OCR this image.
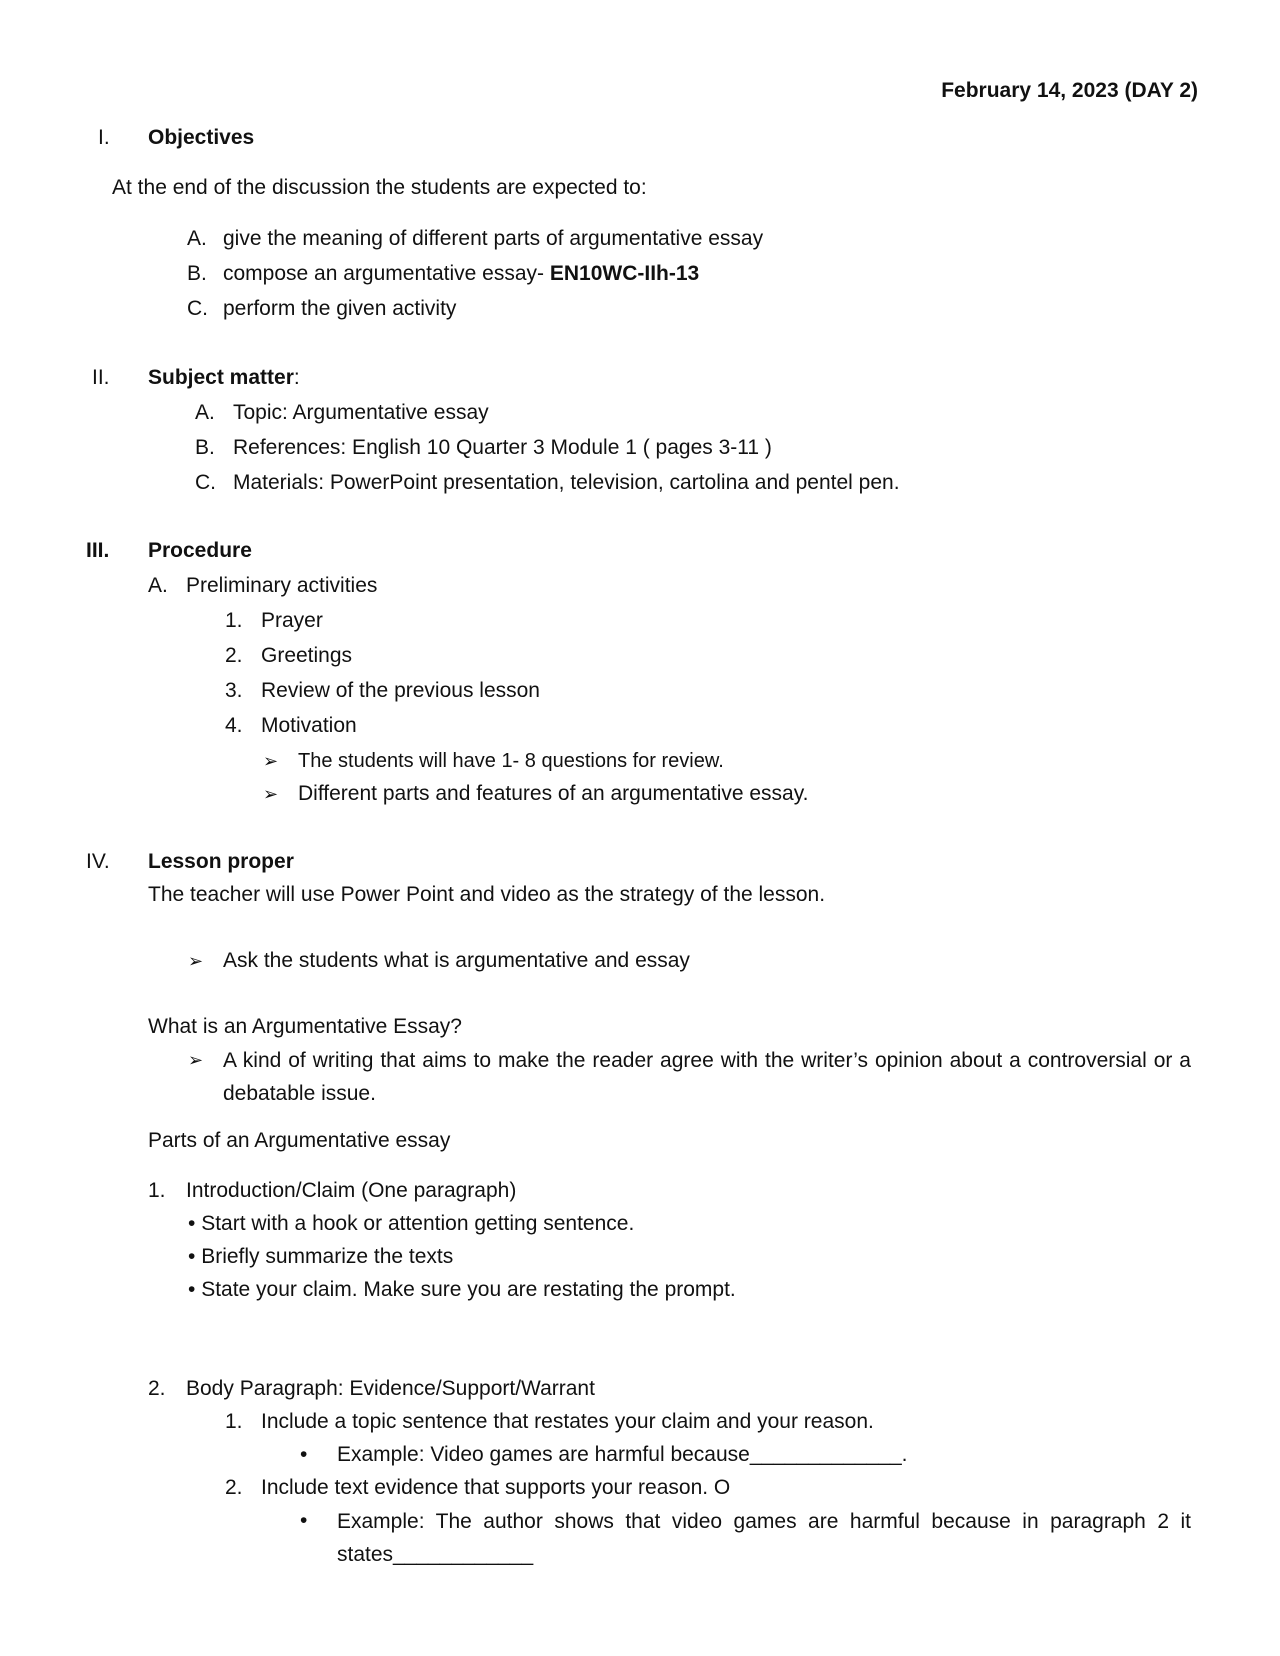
February 14, 2023 (DAY 2)
I. Objectives
At the end of the discussion the students are expected to:
A. give the meaning of different parts of argumentative essay
B. compose an argumentative essay- EN10WC-IIh-13
C. perform the given activity
II. Subject matter:
A. Topic: Argumentative essay
B. References: English 10 Quarter 3 Module 1 ( pages 3-11 )
C. Materials: PowerPoint presentation, television, cartolina and pentel pen.
III. Procedure
A. Preliminary activities
1. Prayer
2. Greetings
3. Review of the previous lesson
4. Motivation
➢ The students will have 1- 8 questions for review.
➢ Different parts and features of an argumentative essay.
IV. Lesson proper
The teacher will use Power Point and video as the strategy of the lesson.
➢ Ask the students what is argumentative and essay
What is an Argumentative Essay?
➢ A kind of writing that aims to make the reader agree with the writer’s opinion about a controversial or a debatable issue.
Parts of an Argumentative essay
1. Introduction/Claim (One paragraph)
• Start with a hook or attention getting sentence.
• Briefly summarize the texts
• State your claim. Make sure you are restating the prompt.
2. Body Paragraph: Evidence/Support/Warrant
1. Include a topic sentence that restates your claim and your reason.
• Example: Video games are harmful because_____________.
2. Include text evidence that supports your reason. O
• Example: The author shows that video games are harmful because in paragraph 2 it states____________
